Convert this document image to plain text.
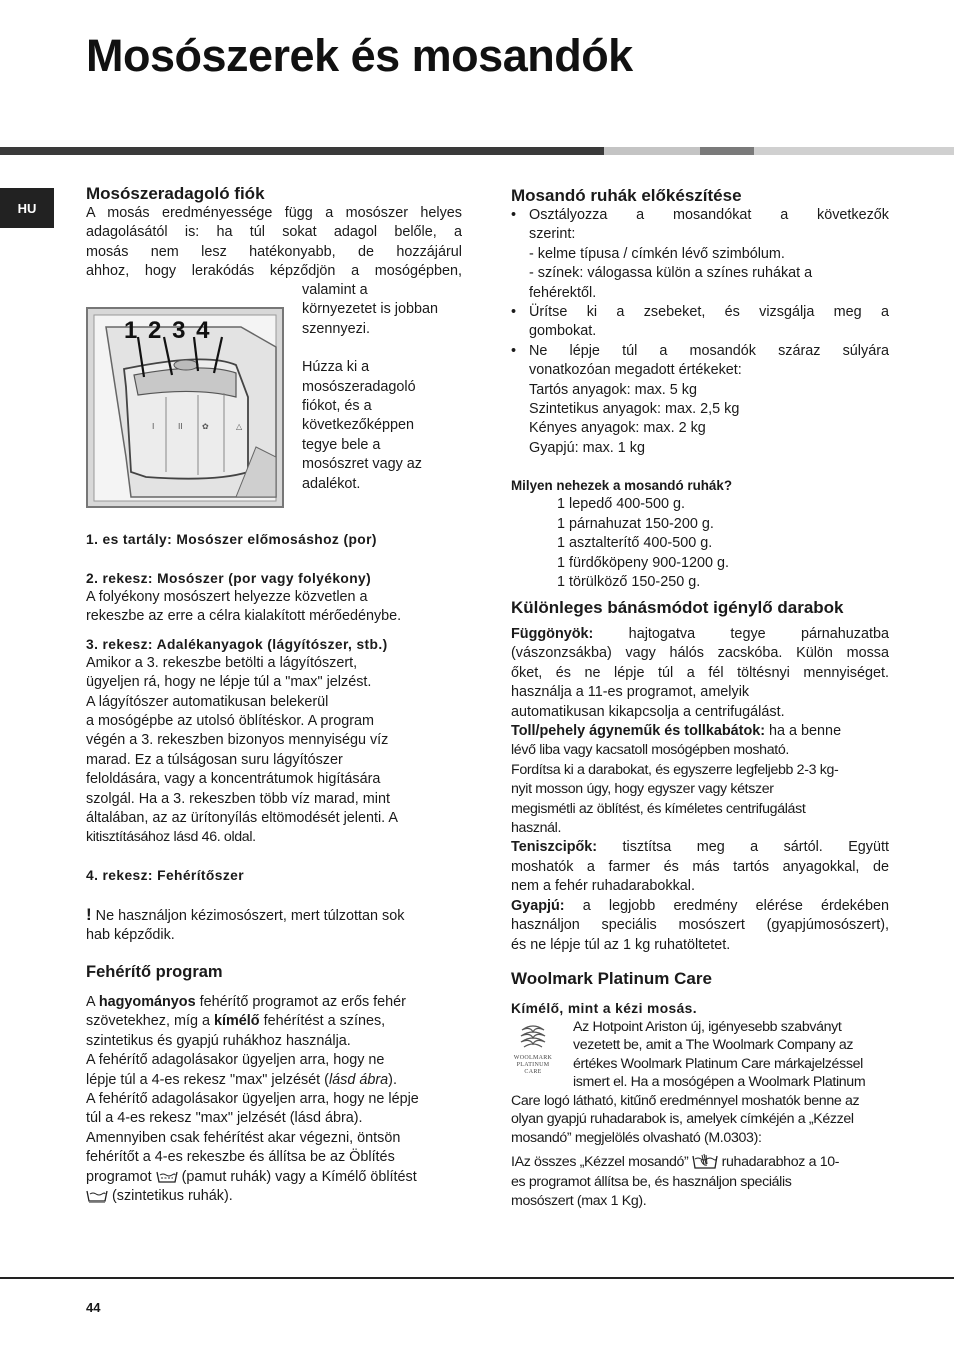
Mosószerek és mosandók
HU
Mosószeradagoló fiók

A mosás eredményessége függ a mosószer helyes

adagolásától is: ha túl sokat adagol belőle, a

mosás nem lesz hatékonyabb, de hozzájárul

ahhoz, hogy lerakódás képződjön a mosógépben,

valamint a

környezetet is jobban

szennyezi.

Húzza ki a

mosószeradagoló

fiókot, és a

következőképpen

tegye bele a

mosószret vagy az

adalékot.

I	II ✿	△
1 2 3 4
1. es tartály: Mosószer előmosáshoz (por)
2. rekesz: Mosószer (por vagy folyékony)

A folyékony mosószert helyezze közvetlen a

rekeszbe az erre a célra kialakított mérőedénybe.

3. rekesz: Adalékanyagok (lágyítószer, stb.)

Amikor a 3. rekeszbe betölti a lágyítószert,

ügyeljen rá, hogy ne lépje túl a "max" jelzést.

A lágyítószer automatikusan belekerül

a mosógépbe az utolsó öblítéskor. A program

végén a 3. rekeszben bizonyos mennyiségu víz

marad. Ez a túlságosan suru lágyítószer

feloldására, vagy a koncentrátumok higítására

szolgál. Ha a 3. rekeszben több víz marad, mint

általában, az az ürítonyílás eltömodését jelenti. A

kitisztításához lásd 46. oldal.

4. rekesz: Fehérítőszer

! Ne használjon kézimosószert, mert túlzottan sok

hab képződik.

Fehérítő program

A hagyományos fehérítő programot az erős fehér

szövetekhez, míg a kímélő fehérítést a színes,

szintetikus és gyapjú ruhákhoz használja.

A fehérítő adagolásakor ügyeljen arra, hogy ne

lépje túl a 4-es rekesz "max" jelzését (lásd ábra).

A fehérítő adagolásakor ügyeljen arra, hogy ne lépje

túl a 4-es rekesz "max" jelzését (lásd ábra).

Amennyiben csak fehérítést akar végezni, öntsön

fehérítőt a 4-es rekeszbe és állítsa be az Öblítés

programot  (pamut ruhák) vagy a Kímélő öblítést

(szintetikus ruhák).

Mosandó ruhák előkészítése

• Osztályozza a mosandókat a következők

szerint:

- kelme típusa / címkén lévő szimbólum.

- színek: válogassa külön a színes ruhákat a

fehérektől.

• Ürítse ki a zsebeket, és vizsgálja meg a

gombokat.

• Ne lépje túl a mosandók száraz súlyára

vonatkozóan megadott értékeket:

Tartós anyagok: max. 5 kg

Szintetikus anyagok: max. 2,5 kg

Kényes anyagok: max. 2 kg

Gyapjú: max. 1 kg

Milyen nehezek a mosandó ruhák?

1 lepedő 400-500 g.

1 párnahuzat 150-200 g.

1 asztalterítő 400-500 g.

1 fürdőköpeny 900-1200 g.

1 törülköző 150-250 g.

Különleges bánásmódot igénylő darabok

Függönyök: hajtogatva tegye párnahuzatba

(vászonzsákba) vagy hálós zacskóba. Külön mossa

őket, és ne lépje túl a fél töltésnyi mennyiséget.

használja a 11-es programot, amelyik

automatikusan kikapcsolja a centrifugálást.

Toll/pehely ágyneműk és tollkabátok: ha a benne

lévő liba vagy kacsatoll mosógépben mosható.

Fordítsa ki a darabokat, és egyszerre legfeljebb 2-3 kg-

nyit mosson úgy, hogy egyszer vagy kétszer

megismétli az öblítést, és kíméletes centrifugálást

használ.

Teniszcipők: tisztítsa meg a sártól. Együtt

moshatók a farmer és más tartós anyagokkal, de

nem a fehér ruhadarabokkal.

Gyapjú: a legjobb eredmény elérése érdekében

használjon speciális mosószert (gyapjúmosószert),

és ne lépje túl az 1 kg ruhatöltetet.

Woolmark Platinum Care
Kímélő, mint a kézi mosás.
WOOLMARK
PLATINUM
CARE

Az Hotpoint Ariston új, igényesebb szabványt

vezetett be, amit a The Woolmark Company az

értékes Woolmark Platinum Care márkajelzéssel

ismert el. Ha a mosógépen a Woolmark Platinum

Care logó látható, kitűnő eredménnyel moshatók benne az

olyan gyapjú ruhadarabok is, amelyek címkéjén a „Kézzel

mosandó” megjelölés olvasható (M.0303):

IAz összes „Kézzel mosandó”  ruhadarabhoz a 10-

es programot állítsa be, és használjon speciális

mosószert (max 1 Kg).

44
